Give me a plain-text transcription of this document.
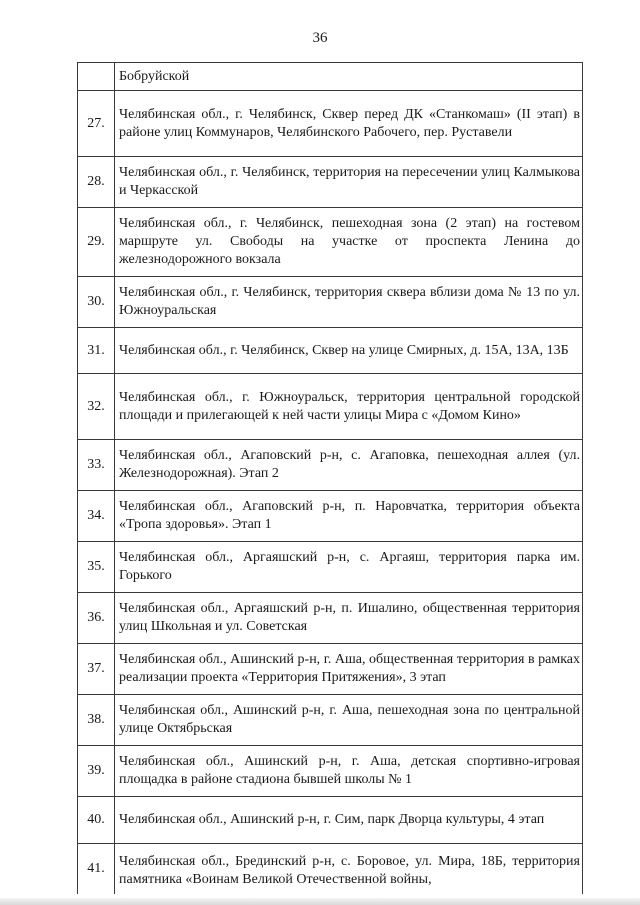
36
	Бобруйской
27.	Челябинская обл., г. Челябинск, Сквер перед ДК «Станкомаш» (II этап) в районе улиц Коммунаров, Челябинского Рабочего, пер. Руставели
28.	Челябинская обл., г. Челябинск, территория на пересечении улиц Калмыкова и Черкасской
29.	Челябинская обл., г. Челябинск, пешеходная зона (2 этап) на гостевом маршруте ул. Свободы на участке от проспекта Ленина до железнодорожного вокзала
30.	Челябинская обл., г. Челябинск, территория сквера вблизи дома № 13 по ул. Южноуральская
31.	Челябинская обл., г. Челябинск, Сквер на улице Смирных, д. 15А, 13А, 13Б
32.	Челябинская обл., г. Южноуральск, территория центральной городской площади и прилегающей к ней части улицы Мира с «Домом Кино»
33.	Челябинская обл., Агаповский р-н, с. Агаповка, пешеходная аллея (ул. Железнодорожная). Этап 2
34.	Челябинская обл., Агаповский р-н, п. Наровчатка, территория объекта «Тропа здоровья». Этап 1
35.	Челябинская обл., Аргаяшский р-н, с. Аргаяш, территория парка им. Горького
36.	Челябинская обл., Аргаяшский р-н, п. Ишалино, общественная территория улиц Школьная и ул. Советская
37.	Челябинская обл., Ашинский р-н, г. Аша, общественная территория в рамках реализации проекта «Территория Притяжения», 3 этап
38.	Челябинская обл., Ашинский р-н, г. Аша, пешеходная зона по центральной улице Октябрьская
39.	Челябинская обл., Ашинский р-н, г. Аша, детская спортивно-игровая площадка в районе стадиона бывшей школы № 1
40.	Челябинская обл., Ашинский р-н, г. Сим, парк Дворца культуры, 4 этап
41.	Челябинская обл., Брединский р-н, с. Боровое, ул. Мира, 18Б, территория памятника «Воинам Великой Отечественной войны,
